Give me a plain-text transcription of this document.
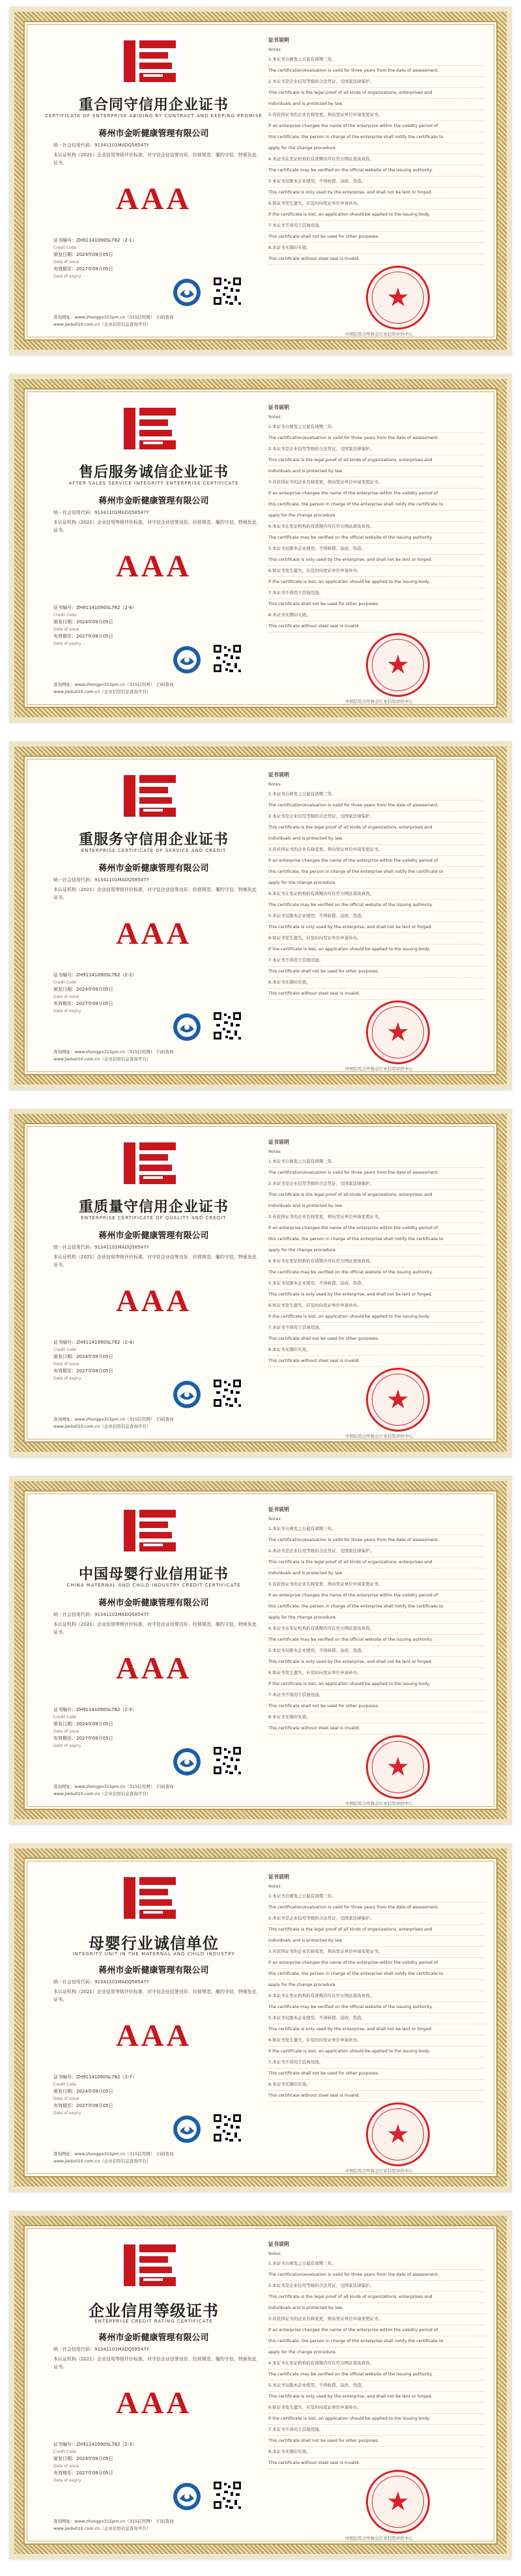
重合同守信用企业证书
CERTIFICATE OF ENTERPRISE ABIDING BY CONTRACT AND KEEPING PROMISE
蒋州市金昕健康管理有限公司
统一社会信用代码：91341101MADQ58547Y
本认证机构（2021）企业信用等级评价标准，对守信企业信誉良好、经营规范、履约守信，特颁发此证书。
AAA
证书编号：ZH91141090SL782（2-1）
Credit Code
颁发日期：2024年09月05日
Date of issue
有效期至：2027年09月05日
Date of expiry
查询网址：www.zhongpx315pm.cn（315信用网）　 扫码查询
www.jiedu010.com.cn（企业信用信息查询平台）
证书说明
Notes
1.本证书自颁发之日起有效期三年。
The certification/evaluation is valid for three years from the date of assessment.
2.本证书是企业信用等级的合法凭证，受国家法律保护。
This certificate is the legal proof of all kinds of organizations, enterprises and
individuals and is protected by law.
3.若获得证书的企业名称变更，须向发证单位申请变更证书。
If an enterprise changes the name of the enterprise within the validity period of
this certificate, the person in charge of the enterprise shall notify the certificate to
apply for the change procedure.
4.本证书在发证机构的有效期内可在官方网站查询真伪。
The certificate may be verified on the official website of the issuing authority.
5.本证书仅限本企业使用，不得转借、涂改、伪造。
This certificate is only used by the enterprise, and shall not be lent or forged.
6.如证书发生遗失，应及时向发证单位申请补办。
If the certificate is lost, an application should be applied to the issuing body.
7.本证书不得用于其他用途。
This certificate shall not be used for other purposes.
8.本证书无钢印无效。
This certificate without steel seal is invalid.
★
中国信用合作协会行业信用评价中心
售后服务诚信企业证书
AFTER SALES SERVICE INTEGRITY ENTERPRISE CERTIFICATE
蒋州市金昕健康管理有限公司
统一社会信用代码：91341101MADQ58547Y
本认证机构（2021）企业信用等级评价标准，对守信企业信誉良好、经营规范、履约守信，特颁发此证书。
AAA
证书编号：ZH91141090SL782（2-6）
Credit Code
颁发日期：2024年09月05日
Date of issue
有效期至：2027年09月05日
Date of expiry
查询网址：www.zhongpx315pm.cn（315信用网）　 扫码查询
www.jiedu010.com.cn（企业信用信息查询平台）
证书说明
Notes
1.本证书自颁发之日起有效期三年。
The certification/evaluation is valid for three years from the date of assessment.
2.本证书是企业信用等级的合法凭证，受国家法律保护。
This certificate is the legal proof of all kinds of organizations, enterprises and
individuals and is protected by law.
3.若获得证书的企业名称变更，须向发证单位申请变更证书。
If an enterprise changes the name of the enterprise within the validity period of
this certificate, the person in charge of the enterprise shall notify the certificate to
apply for the change procedure.
4.本证书在发证机构的有效期内可在官方网站查询真伪。
The certificate may be verified on the official website of the issuing authority.
5.本证书仅限本企业使用，不得转借、涂改、伪造。
This certificate is only used by the enterprise, and shall not be lent or forged.
6.如证书发生遗失，应及时向发证单位申请补办。
If the certificate is lost, an application should be applied to the issuing body.
7.本证书不得用于其他用途。
This certificate shall not be used for other purposes.
8.本证书无钢印无效。
This certificate without steel seal is invalid.
★
中国信用合作协会行业信用评价中心
重服务守信用企业证书
ENTERPRISE CERTIFICATE OF SERVICE AND CREDIT
蒋州市金昕健康管理有限公司
统一社会信用代码：91341101MADQ58547Y
本认证机构（2021）企业信用等级评价标准，对守信企业信誉良好、经营规范、履约守信，特颁发此证书。
AAA
证书编号：ZH91141090SL782（2-2）
Credit Code
颁发日期：2024年09月05日
Date of issue
有效期至：2027年09月05日
Date of expiry
查询网址：www.zhongpx315pm.cn（315信用网）　 扫码查询
www.jiedu010.com.cn（企业信用信息查询平台）
证书说明
Notes
1.本证书自颁发之日起有效期三年。
The certification/evaluation is valid for three years from the date of assessment.
2.本证书是企业信用等级的合法凭证，受国家法律保护。
This certificate is the legal proof of all kinds of organizations, enterprises and
individuals and is protected by law.
3.若获得证书的企业名称变更，须向发证单位申请变更证书。
If an enterprise changes the name of the enterprise within the validity period of
this certificate, the person in charge of the enterprise shall notify the certificate to
apply for the change procedure.
4.本证书在发证机构的有效期内可在官方网站查询真伪。
The certificate may be verified on the official website of the issuing authority.
5.本证书仅限本企业使用，不得转借、涂改、伪造。
This certificate is only used by the enterprise, and shall not be lent or forged.
6.如证书发生遗失，应及时向发证单位申请补办。
If the certificate is lost, an application should be applied to the issuing body.
7.本证书不得用于其他用途。
This certificate shall not be used for other purposes.
8.本证书无钢印无效。
This certificate without steel seal is invalid.
★
中国信用合作协会行业信用评价中心
重质量守信用企业证书
ENTERPRISE CERTIFICATE OF QUALITY AND CREDIT
蒋州市金昕健康管理有限公司
统一社会信用代码：91341101MADQ58547Y
本认证机构（2021）企业信用等级评价标准，对守信企业信誉良好、经营规范、履约守信，特颁发此证书。
AAA
证书编号：ZH91141090SL782（2-4）
Credit Code
颁发日期：2024年09月05日
Date of issue
有效期至：2027年09月05日
Date of expiry
查询网址：www.zhongpx315pm.cn（315信用网）　 扫码查询
www.jiedu010.com.cn（企业信用信息查询平台）
证书说明
Notes
1.本证书自颁发之日起有效期三年。
The certification/evaluation is valid for three years from the date of assessment.
2.本证书是企业信用等级的合法凭证，受国家法律保护。
This certificate is the legal proof of all kinds of organizations, enterprises and
individuals and is protected by law.
3.若获得证书的企业名称变更，须向发证单位申请变更证书。
If an enterprise changes the name of the enterprise within the validity period of
this certificate, the person in charge of the enterprise shall notify the certificate to
apply for the change procedure.
4.本证书在发证机构的有效期内可在官方网站查询真伪。
The certificate may be verified on the official website of the issuing authority.
5.本证书仅限本企业使用，不得转借、涂改、伪造。
This certificate is only used by the enterprise, and shall not be lent or forged.
6.如证书发生遗失，应及时向发证单位申请补办。
If the certificate is lost, an application should be applied to the issuing body.
7.本证书不得用于其他用途。
This certificate shall not be used for other purposes.
8.本证书无钢印无效。
This certificate without steel seal is invalid.
★
中国信用合作协会行业信用评价中心
中国母婴行业信用证书
CHINA MATERNAL AND CHILD INDUSTRY CREDIT CERTIFICATE
蒋州市金昕健康管理有限公司
统一社会信用代码：91341101MADQ58547Y
本认证机构（2021）企业信用等级评价标准，对守信企业信誉良好、经营规范、履约守信，特颁发此证书。
AAA
证书编号：ZH91141090SL782（2-5）
Credit Code
颁发日期：2024年09月05日
Date of issue
有效期至：2027年09月05日
Date of expiry
查询网址：www.zhongpx315pm.cn（315信用网）　 扫码查询
www.jiedu010.com.cn（企业信用信息查询平台）
证书说明
Notes
1.本证书自颁发之日起有效期三年。
The certification/evaluation is valid for three years from the date of assessment.
2.本证书是企业信用等级的合法凭证，受国家法律保护。
This certificate is the legal proof of all kinds of organizations, enterprises and
individuals and is protected by law.
3.若获得证书的企业名称变更，须向发证单位申请变更证书。
If an enterprise changes the name of the enterprise within the validity period of
this certificate, the person in charge of the enterprise shall notify the certificate to
apply for the change procedure.
4.本证书在发证机构的有效期内可在官方网站查询真伪。
The certificate may be verified on the official website of the issuing authority.
5.本证书仅限本企业使用，不得转借、涂改、伪造。
This certificate is only used by the enterprise, and shall not be lent or forged.
6.如证书发生遗失，应及时向发证单位申请补办。
If the certificate is lost, an application should be applied to the issuing body.
7.本证书不得用于其他用途。
This certificate shall not be used for other purposes.
8.本证书无钢印无效。
This certificate without steel seal is invalid.
★
中国信用合作协会行业信用评价中心
母婴行业诚信单位
INTEGRITY UNIT IN THE MATERNAL AND CHILD INDUSTRY
蒋州市金昕健康管理有限公司
统一社会信用代码：91341101MADQ58547Y
本认证机构（2021）企业信用等级评价标准，对守信企业信誉良好、经营规范、履约守信，特颁发此证书。
AAA
证书编号：ZH91141090SL782（2-7）
Credit Code
颁发日期：2024年09月05日
Date of issue
有效期至：2027年09月05日
Date of expiry
查询网址：www.zhongpx315pm.cn（315信用网）　 扫码查询
www.jiedu010.com.cn（企业信用信息查询平台）
证书说明
Notes
1.本证书自颁发之日起有效期三年。
The certification/evaluation is valid for three years from the date of assessment.
2.本证书是企业信用等级的合法凭证，受国家法律保护。
This certificate is the legal proof of all kinds of organizations, enterprises and
individuals and is protected by law.
3.若获得证书的企业名称变更，须向发证单位申请变更证书。
If an enterprise changes the name of the enterprise within the validity period of
this certificate, the person in charge of the enterprise shall notify the certificate to
apply for the change procedure.
4.本证书在发证机构的有效期内可在官方网站查询真伪。
The certificate may be verified on the official website of the issuing authority.
5.本证书仅限本企业使用，不得转借、涂改、伪造。
This certificate is only used by the enterprise, and shall not be lent or forged.
6.如证书发生遗失，应及时向发证单位申请补办。
If the certificate is lost, an application should be applied to the issuing body.
7.本证书不得用于其他用途。
This certificate shall not be used for other purposes.
8.本证书无钢印无效。
This certificate without steel seal is invalid.
★
中国信用合作协会行业信用评价中心
企业信用等级证书
ENTERPRISE CREDIT RATING CERTIFICATE
蒋州市金昕健康管理有限公司
统一社会信用代码：91341101MADQ58547Y
本认证机构（2021）企业信用等级评价标准，对守信企业信誉良好、经营规范、履约守信，特颁发此证书。
AAA
证书编号：ZH91141090SL782（2-3）
Credit Code
颁发日期：2024年09月05日
Date of issue
有效期至：2027年09月05日
Date of expiry
查询网址：www.zhongpx315pm.cn（315信用网）　 扫码查询
www.jiedu010.com.cn（企业信用信息查询平台）
证书说明
Notes
1.本证书自颁发之日起有效期三年。
The certification/evaluation is valid for three years from the date of assessment.
2.本证书是企业信用等级的合法凭证，受国家法律保护。
This certificate is the legal proof of all kinds of organizations, enterprises and
individuals and is protected by law.
3.若获得证书的企业名称变更，须向发证单位申请变更证书。
If an enterprise changes the name of the enterprise within the validity period of
this certificate, the person in charge of the enterprise shall notify the certificate to
apply for the change procedure.
4.本证书在发证机构的有效期内可在官方网站查询真伪。
The certificate may be verified on the official website of the issuing authority.
5.本证书仅限本企业使用，不得转借、涂改、伪造。
This certificate is only used by the enterprise, and shall not be lent or forged.
6.如证书发生遗失，应及时向发证单位申请补办。
If the certificate is lost, an application should be applied to the issuing body.
7.本证书不得用于其他用途。
This certificate shall not be used for other purposes.
8.本证书无钢印无效。
This certificate without steel seal is invalid.
★
中国信用合作协会行业信用评价中心
